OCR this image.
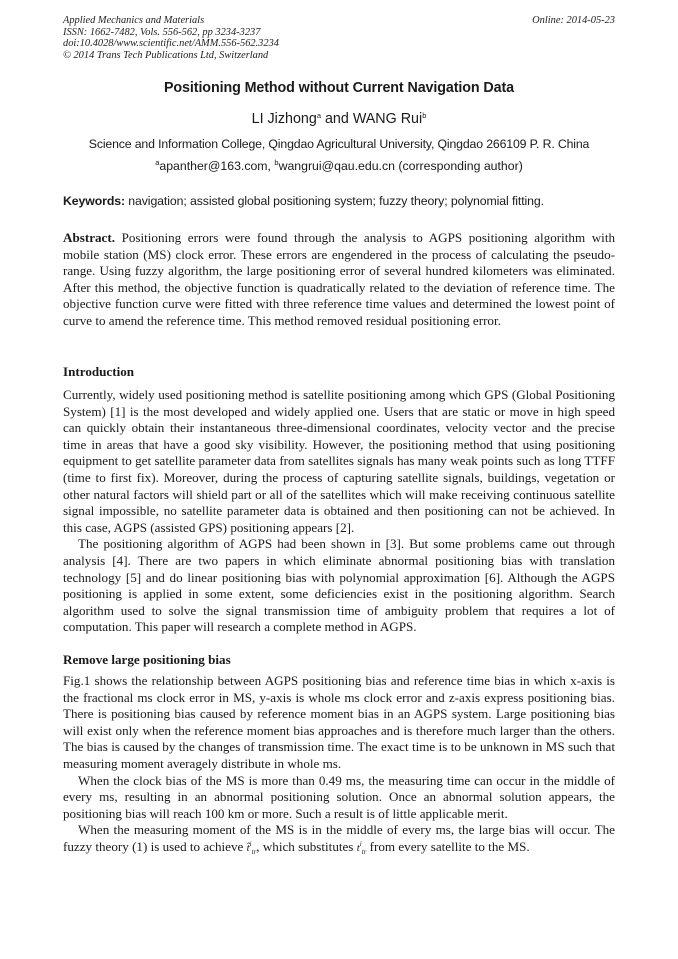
Applied Mechanics and Materials
ISSN: 1662-7482, Vols. 556-562, pp 3234-3237
doi:10.4028/www.scientific.net/AMM.556-562.3234
© 2014 Trans Tech Publications Ltd, Switzerland
Online: 2014-05-23
Positioning Method without Current Navigation Data
LI Jizhong$^a$ and WANG Rui$^b$
Science and Information College, Qingdao Agricultural University, Qingdao 266109 P. R. China
$^a$apanther@163.com, $^b$wangrui@qau.edu.cn (corresponding author)
Keywords: navigation; assisted global positioning system; fuzzy theory; polynomial fitting.

Abstract. Positioning errors were found through the analysis to AGPS positioning algorithm with mobile station (MS) clock error. These errors are engendered in the process of calculating the pseudo-range. Using fuzzy algorithm, the large positioning error of several hundred kilometers was eliminated. After this method, the objective function is quadratically related to the deviation of reference time. The objective function curve were fitted with three reference time values and determined the lowest point of curve to amend the reference time. This method removed residual positioning error.

Introduction

Currently, widely used positioning method is satellite positioning among which GPS (Global Positioning System) [1] is the most developed and widely applied one. Users that are static or move in high speed can quickly obtain their instantaneous three-dimensional coordinates, velocity vector and the precise time in areas that have a good sky visibility. However, the positioning method that using positioning equipment to get satellite parameter data from satellites signals has many weak points such as long TTFF (time to first fix). Moreover, during the process of capturing satellite signals, buildings, vegetation or other natural factors will shield part or all of the satellites which will make receiving continuous satellite signal impossible, no satellite parameter data is obtained and then positioning can not be achieved. In this case, AGPS (assisted GPS) positioning appears [2].

The positioning algorithm of AGPS had been shown in [3]. But some problems came out through analysis [4]. There are two papers in which eliminate abnormal positioning bias with translation technology [5] and do linear positioning bias with polynomial approximation [6]. Although the AGPS positioning is applied in some extent, some deficiencies exist in the positioning algorithm. Search algorithm used to solve the signal transmission time of ambiguity problem that requires a lot of computation. This paper will research a complete method in AGPS.

Remove large positioning bias

Fig.1 shows the relationship between AGPS positioning bias and reference time bias in which x-axis is the fractional ms clock error in MS, y-axis is whole ms clock error and z-axis express positioning bias. There is positioning bias caused by reference moment bias in an AGPS system. Large positioning bias will exist only when the reference moment bias approaches and is therefore much larger than the others. The bias is caused by the changes of transmission time. The exact time is to be unknown in MS such that measuring moment averagely distribute in whole ms.

When the clock bias of the MS is more than 0.49 ms, the measuring time can occur in the middle of every ms, resulting in an abnormal positioning solution. Once an abnormal solution appears, the positioning bias will reach 100 km or more. Such a result is of little applicable merit.

When the measuring moment of the MS is in the middle of every ms, the large bias will occur. The fuzzy theory (1) is used to achieve t̂$^i_{tr}$, which substitutes $t^i_{tr}$ from every satellite to the MS.
